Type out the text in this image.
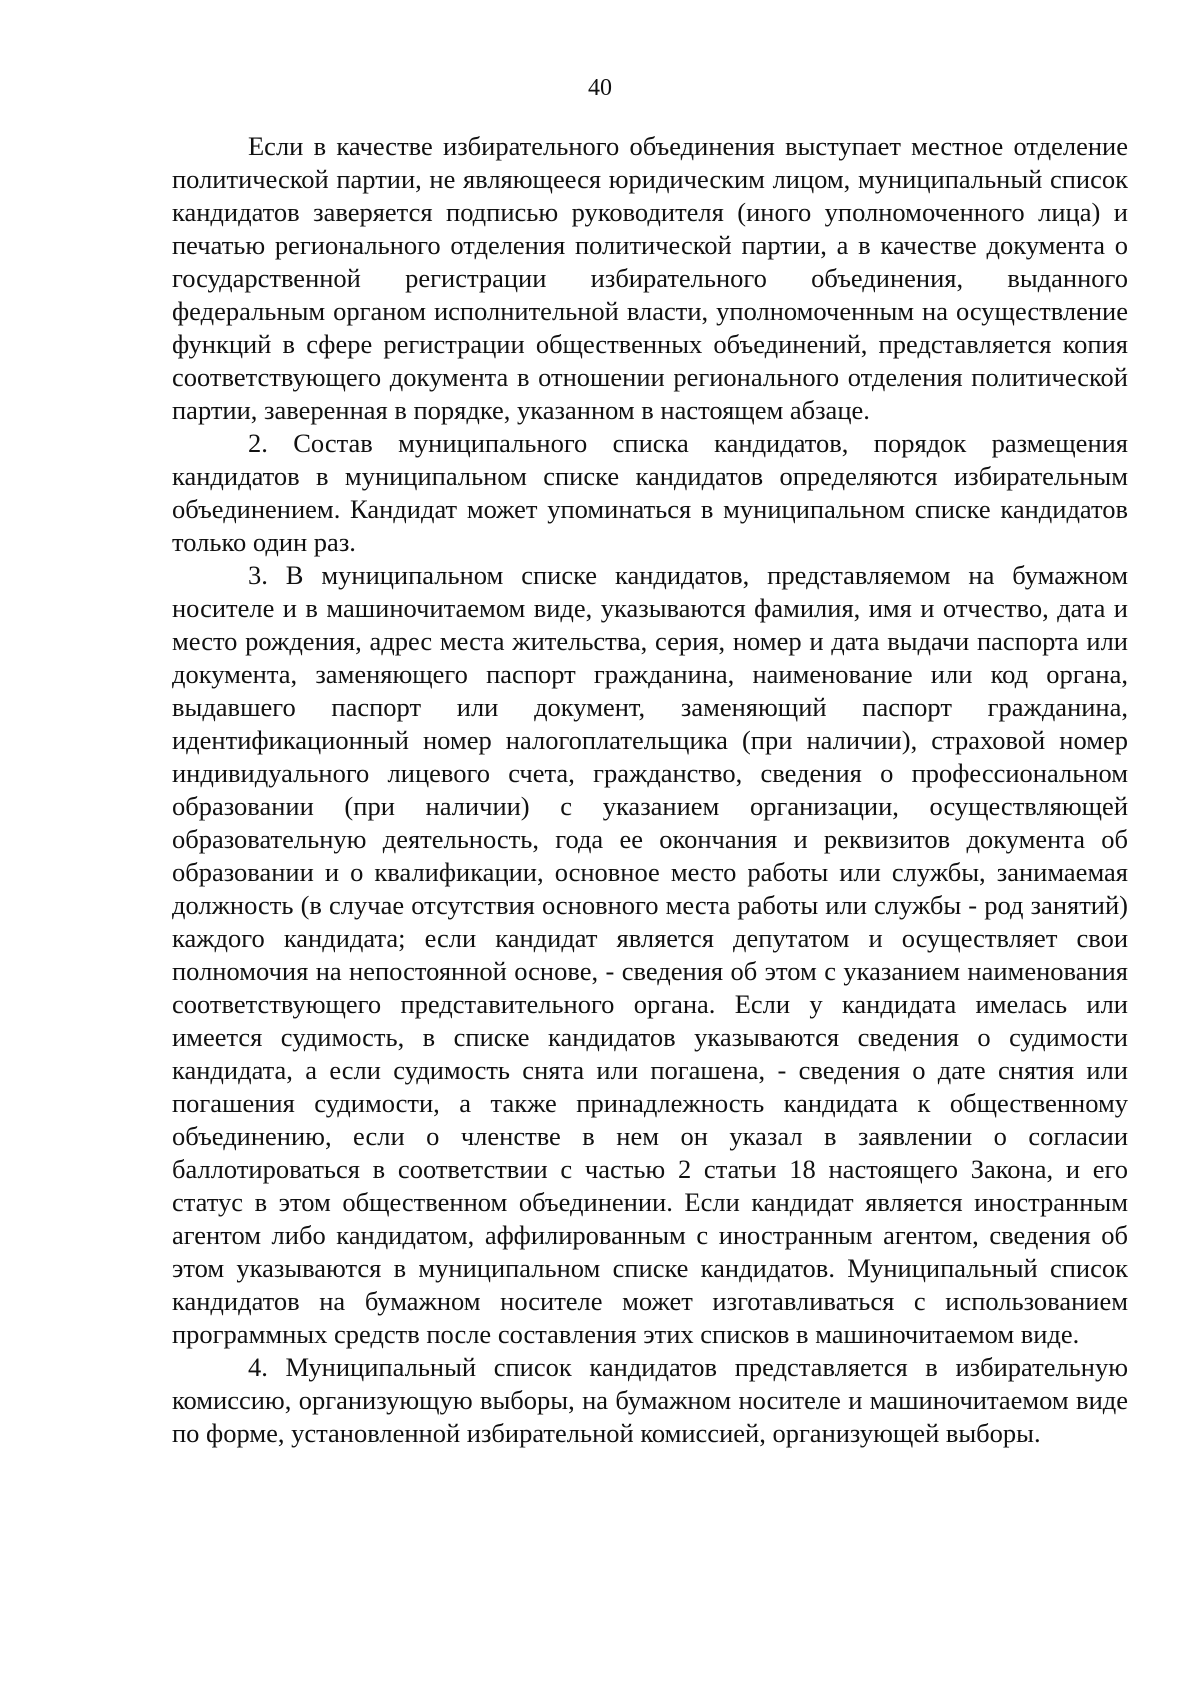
40

Если в качестве избирательного объединения выступает местное отделение политической партии, не являющееся юридическим лицом, муниципальный список кандидатов заверяется подписью руководителя (иного уполномоченного лица) и печатью регионального отделения политической партии, а в качестве документа о государственной регистрации избирательного объединения, выданного федеральным органом исполнительной власти, уполномоченным на осуществление функций в сфере регистрации общественных объединений, представляется копия соответствующего документа в отношении регионального отделения политической партии, заверенная в порядке, указанном в настоящем абзаце.

2. Состав муниципального списка кандидатов, порядок размещения кандидатов в муниципальном списке кандидатов определяются избирательным объединением. Кандидат может упоминаться в муниципальном списке кандидатов только один раз.

3. В муниципальном списке кандидатов, представляемом на бумажном носителе и в машиночитаемом виде, указываются фамилия, имя и отчество, дата и место рождения, адрес места жительства, серия, номер и дата выдачи паспорта или документа, заменяющего паспорт гражданина, наименование или код органа, выдавшего паспорт или документ, заменяющий паспорт гражданина, идентификационный номер налогоплательщика (при наличии), страховой номер индивидуального лицевого счета, гражданство, сведения о профессиональном образовании (при наличии) с указанием организации, осуществляющей образовательную деятельность, года ее окончания и реквизитов документа об образовании и о квалификации, основное место работы или службы, занимаемая должность (в случае отсутствия основного места работы или службы - род занятий) каждого кандидата; если кандидат является депутатом и осуществляет свои полномочия на непостоянной основе, - сведения об этом с указанием наименования соответствующего представительного органа. Если у кандидата имелась или имеется судимость, в списке кандидатов указываются сведения о судимости кандидата, а если судимость снята или погашена, - сведения о дате снятия или погашения судимости, а также принадлежность кандидата к общественному объединению, если о членстве в нем он указал в заявлении о согласии баллотироваться в соответствии с частью 2 статьи 18 настоящего Закона, и его статус в этом общественном объединении. Если кандидат является иностранным агентом либо кандидатом, аффилированным с иностранным агентом, сведения об этом указываются в муниципальном списке кандидатов. Муниципальный список кандидатов на бумажном носителе может изготавливаться с использованием программных средств после составления этих списков в машиночитаемом виде.

4. Муниципальный список кандидатов представляется в избирательную комиссию, организующую выборы, на бумажном носителе и машиночитаемом виде по форме, установленной избирательной комиссией, организующей выборы.
